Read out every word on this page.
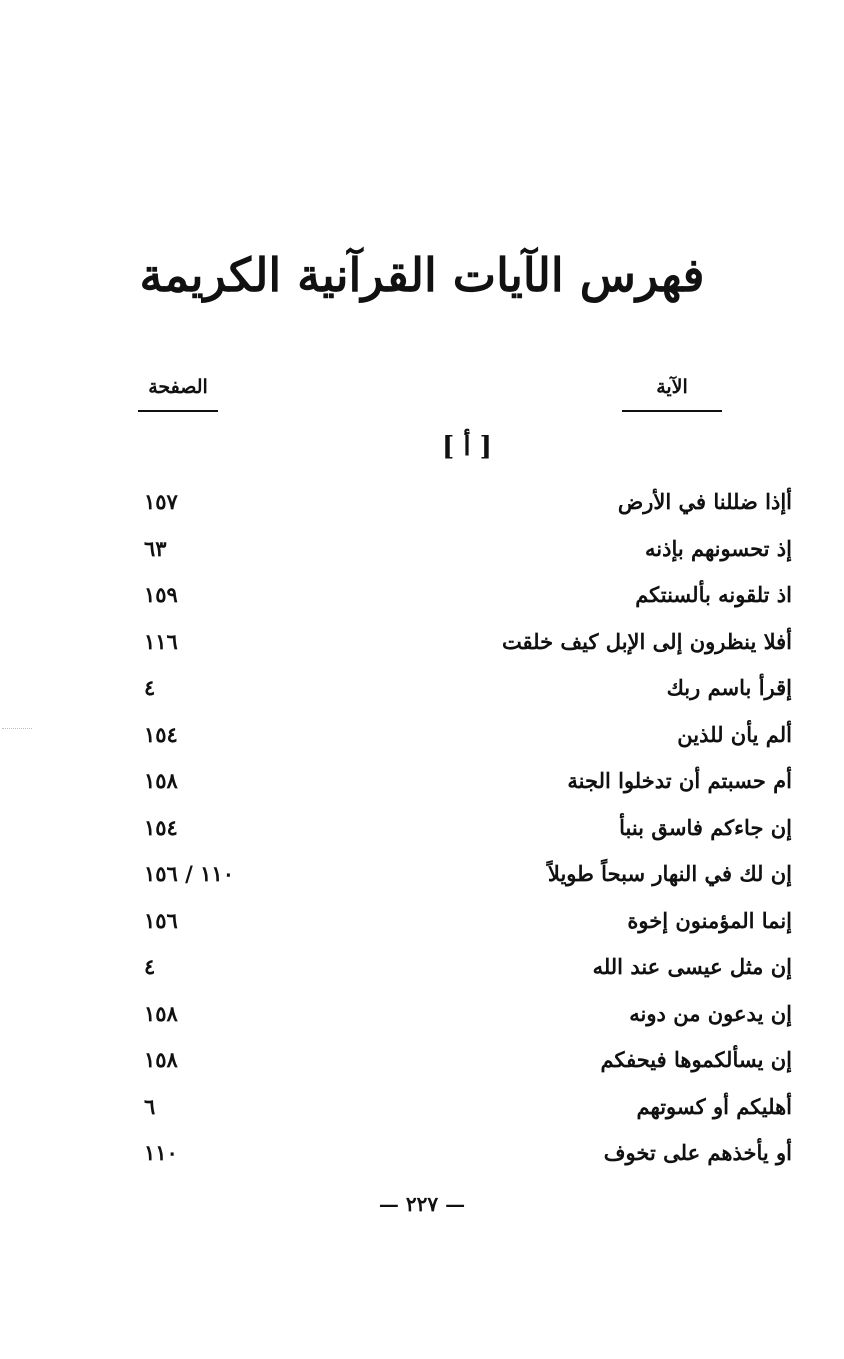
فهرس الآيات القرآنية الكريمة
الآية
الصفحة
[ أ ]
أإذا ضللنا في الأرض
١٥٧
إذ تحسونهم بإذنه
٦٣
اذ تلقونه بألسنتكم
١٥٩
أفلا ينظرون إلى الإبل كيف خلقت
١١٦
إقرأ باسم ربك
٤
ألم يأن للذين
١٥٤
أم حسبتم أن تدخلوا الجنة
١٥٨
إن جاءكم فاسق بنبأ
١٥٤
إن لك في النهار سبحاً طويلاً
١١٠ / ١٥٦
إنما المؤمنون إخوة
١٥٦
إن مثل عيسى عند الله
٤
إن يدعون من دونه
١٥٨
إن يسألكموها فيحفكم
١٥٨
أهليكم أو كسوتهم
٦
أو يأخذهم على تخوف
١١٠
— ٢٢٧ —
